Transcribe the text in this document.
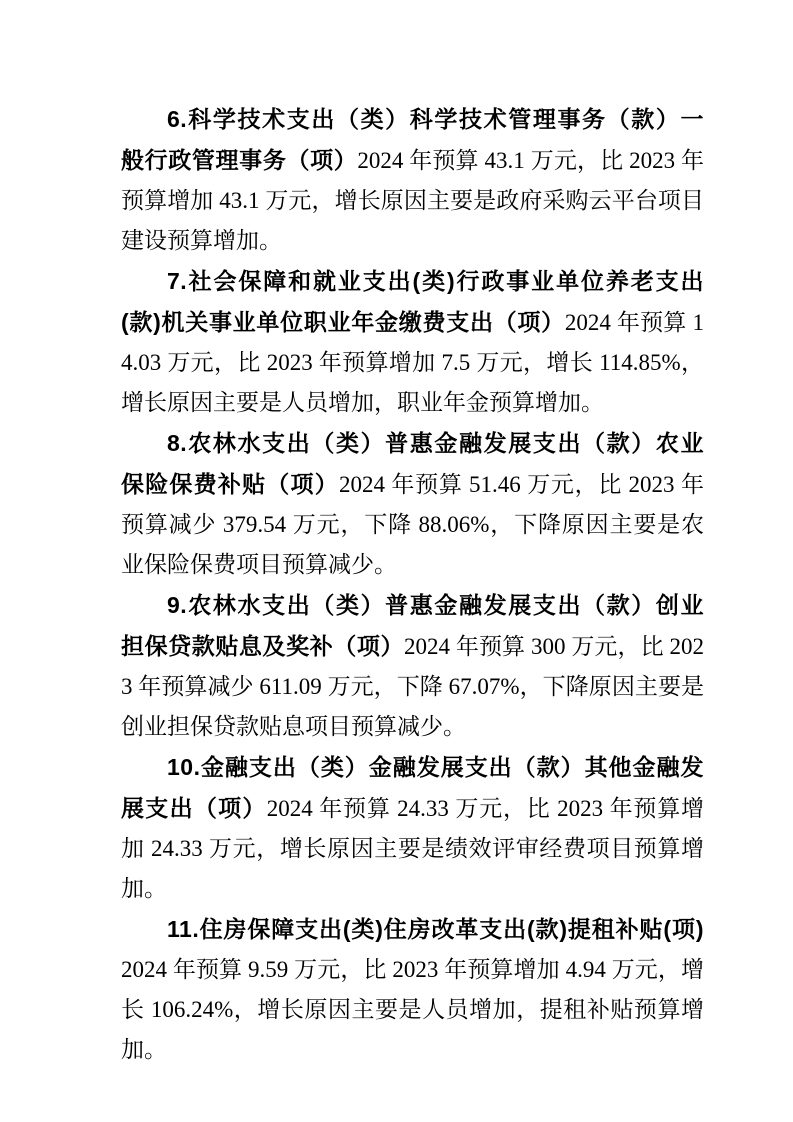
6.科学技术支出（类）科学技术管理事务（款）一般行政管理事务（项）2024 年预算 43.1 万元，比 2023 年预算增加 43.1 万元，增长原因主要是政府采购云平台项目建设预算增加。

7.社会保障和就业支出(类)行政事业单位养老支出(款)机关事业单位职业年金缴费支出（项）2024 年预算 14.03 万元，比 2023 年预算增加 7.5 万元，增长 114.85%，增长原因主要是人员增加，职业年金预算增加。

8.农林水支出（类）普惠金融发展支出（款）农业保险保费补贴（项）2024 年预算 51.46 万元，比 2023 年预算减少 379.54 万元，下降 88.06%，下降原因主要是农业保险保费项目预算减少。

9.农林水支出（类）普惠金融发展支出（款）创业担保贷款贴息及奖补（项）2024 年预算 300 万元，比 2023 年预算减少 611.09 万元，下降 67.07%，下降原因主要是创业担保贷款贴息项目预算减少。

10.金融支出（类）金融发展支出（款）其他金融发展支出（项）2024 年预算 24.33 万元，比 2023 年预算增加 24.33 万元，增长原因主要是绩效评审经费项目预算增加。

11.住房保障支出(类)住房改革支出(款)提租补贴(项)2024 年预算 9.59 万元，比 2023 年预算增加 4.94 万元，增长 106.24%，增长原因主要是人员增加，提租补贴预算增加。
